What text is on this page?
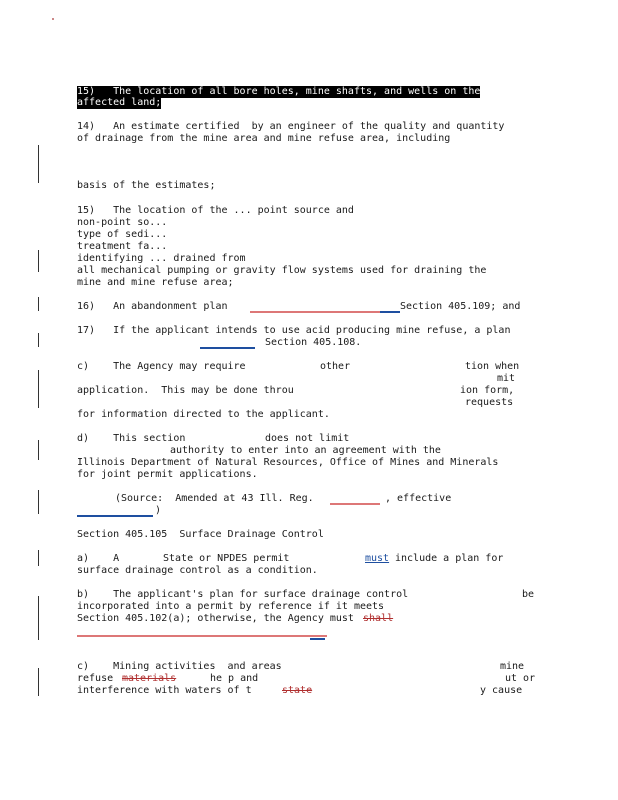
15)   The location of all bore holes, mine shafts, and wells on the
affected land;
14)   An estimate certified  by an engineer of the quality and quantity
of drainage from the mine area and mine refuse area, including
basis of the estimates;
15)   The location of the ... point source and
non-point so...
type of sedi...
treatment fa...
identifying ... drained from
all mechanical pumping or gravity flow systems used for draining the
mine and mine refuse area;
16)   An abandonment plan	Section 405.109; and
17)   If the applicant intends to use acid producing mine refuse, a plan
Section 405.108.
c)    The Agency may require	other	tion when
mit
application.  This may be done throu	ion form,
requests
for information directed to the applicant.
d)    This section	does not limit
authority to enter into an agreement with the
Illinois Department of Natural Resources, Office of Mines and Minerals
for joint permit applications.
(Source:  Amended at 43 Ill. Reg.	, effective
)
Section 405.105  Surface Drainage Control
a)    A	State or NPDES permit	must include a plan for
surface drainage control as a condition.
b)    The applicant's plan for surface drainage control	be
incorporated into a permit by reference if it meets
Section 405.102(a); otherwise, the Agency must shall
c)    Mining activities  and areas	mine
refuse materials	he p and	ut or
interference with waters of t	state	y cause
